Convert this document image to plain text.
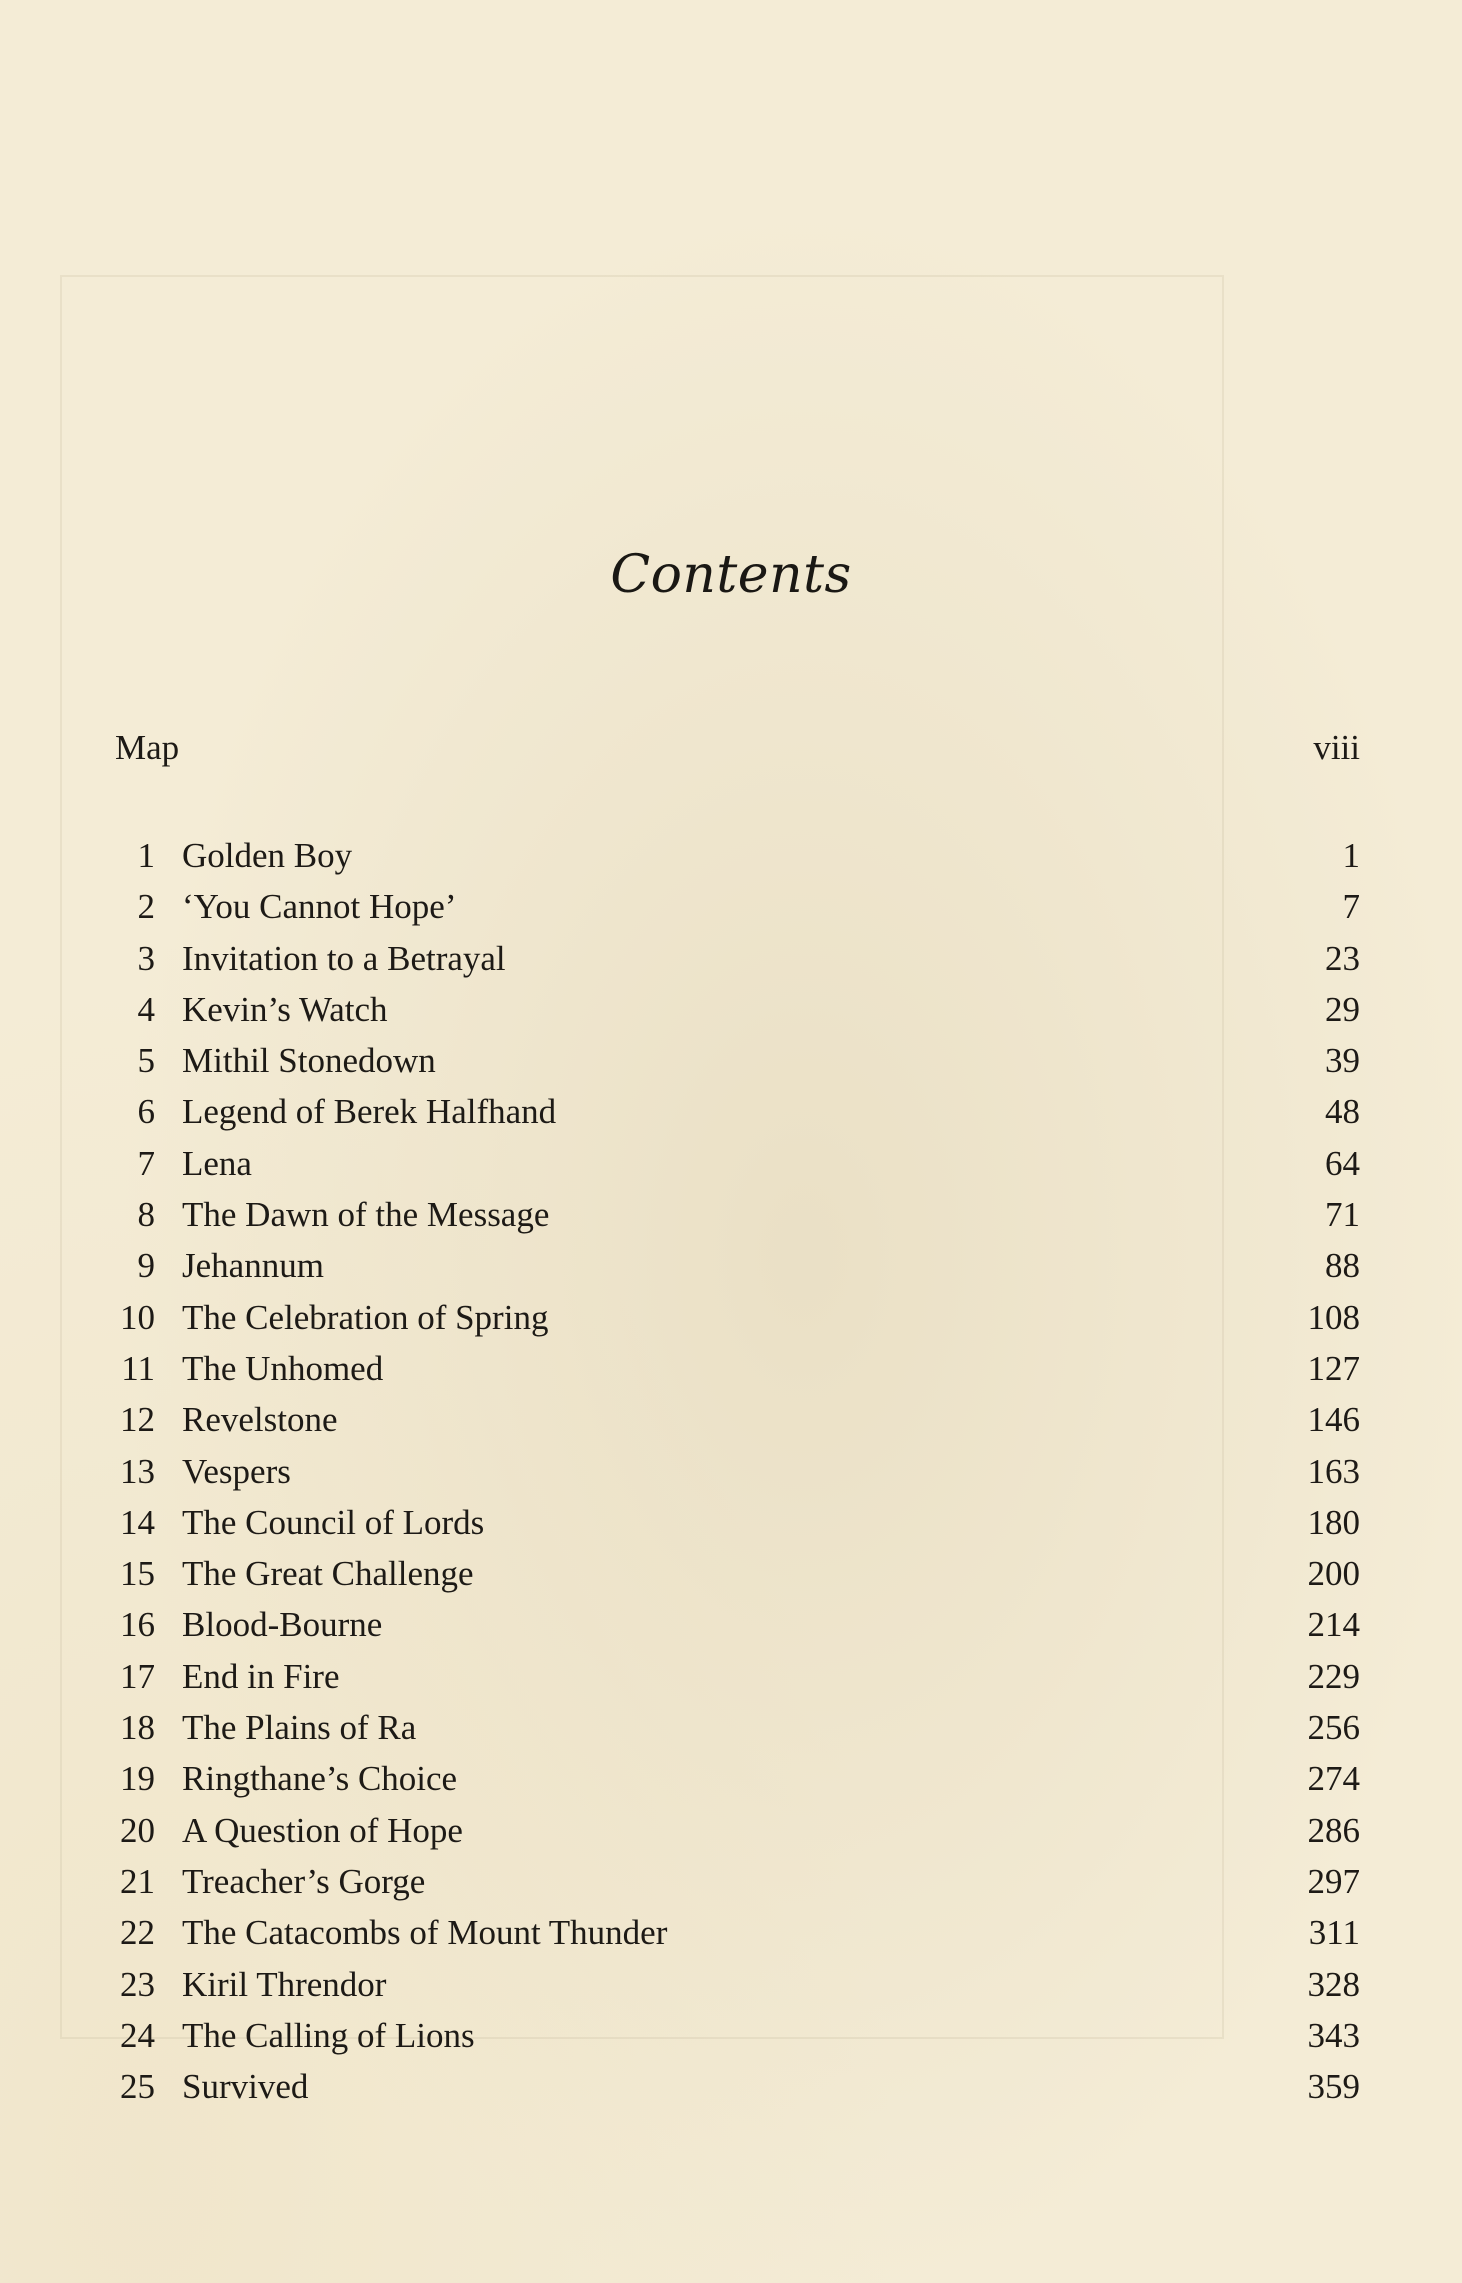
Contents
Map	viii
1 Golden Boy	1
2 ‘You Cannot Hope’	7
3 Invitation to a Betrayal	23
4 Kevin’s Watch	29
5 Mithil Stonedown	39
6 Legend of Berek Halfhand	48
7 Lena	64
8 The Dawn of the Message	71
9 Jehannum	88
10 The Celebration of Spring	108
11 The Unhomed	127
12 Revelstone	146
13 Vespers	163
14 The Council of Lords	180
15 The Great Challenge	200
16 Blood-Bourne	214
17 End in Fire	229
18 The Plains of Ra	256
19 Ringthane’s Choice	274
20 A Question of Hope	286
21 Treacher’s Gorge	297
22 The Catacombs of Mount Thunder	311
23 Kiril Threndor	328
24 The Calling of Lions	343
25 Survived	359
